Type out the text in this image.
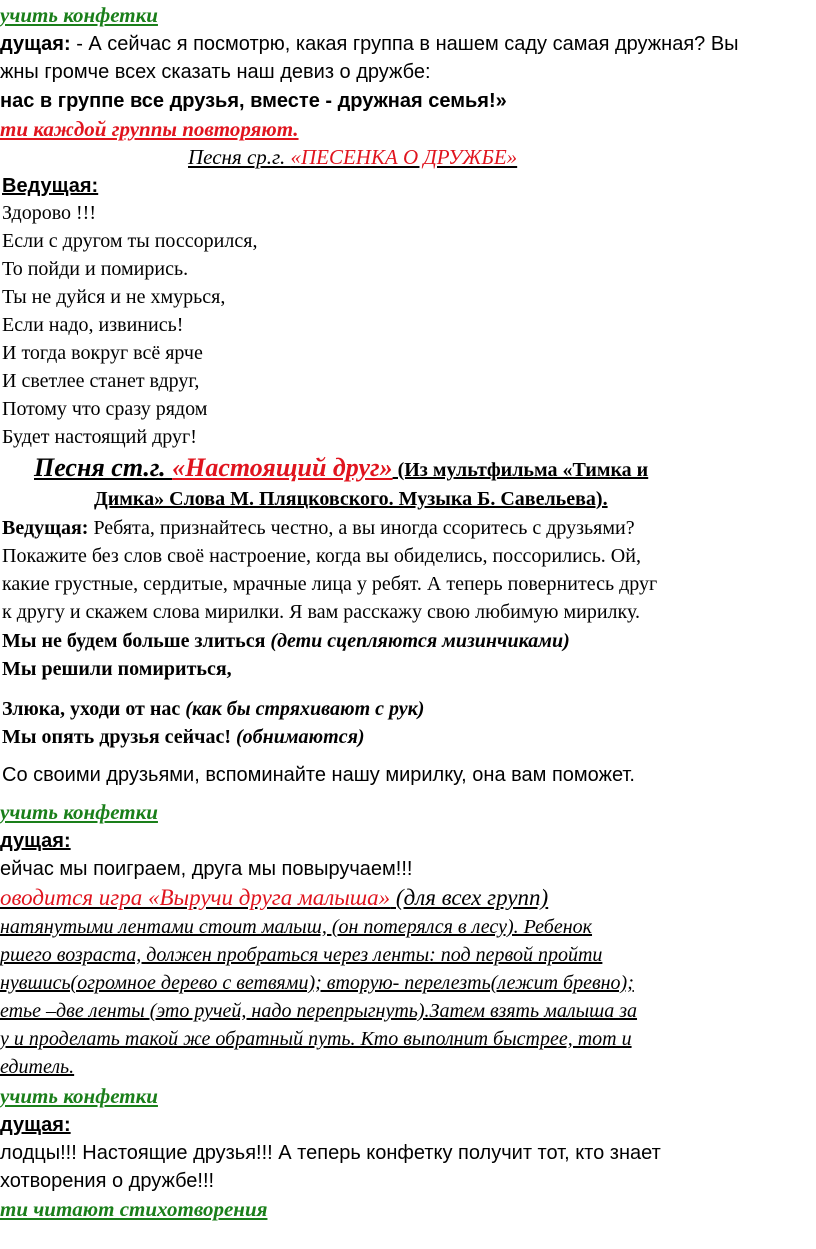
учить конфетки
дущая: - А сейчас я посмотрю, какая группа в нашем саду самая дружная? Вы
жны громче всех сказать наш девиз о дружбе:
нас в группе все друзья, вместе - дружная семья!»
ти каждой группы повторяют.
Песня ср.г. «ПЕСЕНКА О ДРУЖБЕ»
Ведущая:
Здорово !!!
Если с другом ты поссорился,
То пойди и помирись.
Ты не дуйся и не хмурься,
Если надо, извинись!
И тогда вокруг всё ярче
И светлее станет вдруг,
Потому что сразу рядом
Будет настоящий друг!
Песня ст.г. «Настоящий друг» (Из мультфильма «Тимка и
Димка» Слова М. Пляцковского. Музыка Б. Савельева).
Ведущая: Ребята, признайтесь честно, а вы иногда ссоритесь с друзьями?
Покажите без слов своё настроение, когда вы обиделись, поссорились. Ой,
какие грустные, сердитые, мрачные лица у ребят. А теперь повернитесь друг
к другу и скажем слова мирилки. Я вам расскажу свою любимую мирилку.
Мы не будем больше злиться (дети сцепляются мизинчиками)
Мы решили помириться,
Злюка, уходи от нас (как бы стряхивают с рук)
Мы опять друзья сейчас! (обнимаются)
Со своими друзьями, вспоминайте нашу мирилку, она вам поможет.
учить конфетки
дущая:
ейчас мы поиграем, друга мы повыручаем!!!
оводится игра «Выручи друга малыша» (для всех групп)
натянутыми лентами стоит малыш, (он потерялся в лесу). Ребенок
ршего возраста, должен пробраться через ленты: под первой пройти
нувшись(огромное дерево с ветвями); вторую- перелезть(лежит бревно);
етье –две ленты (это ручей, надо перепрыгнуть).Затем взять малыша за
у и проделать такой же обратный путь. Кто выполнит быстрее, тот и
едитель.
учить конфетки
дущая:
лодцы!!! Настоящие друзья!!! А теперь конфетку получит тот, кто знает
хотворения о дружбе!!!
ти читают стихотворения
